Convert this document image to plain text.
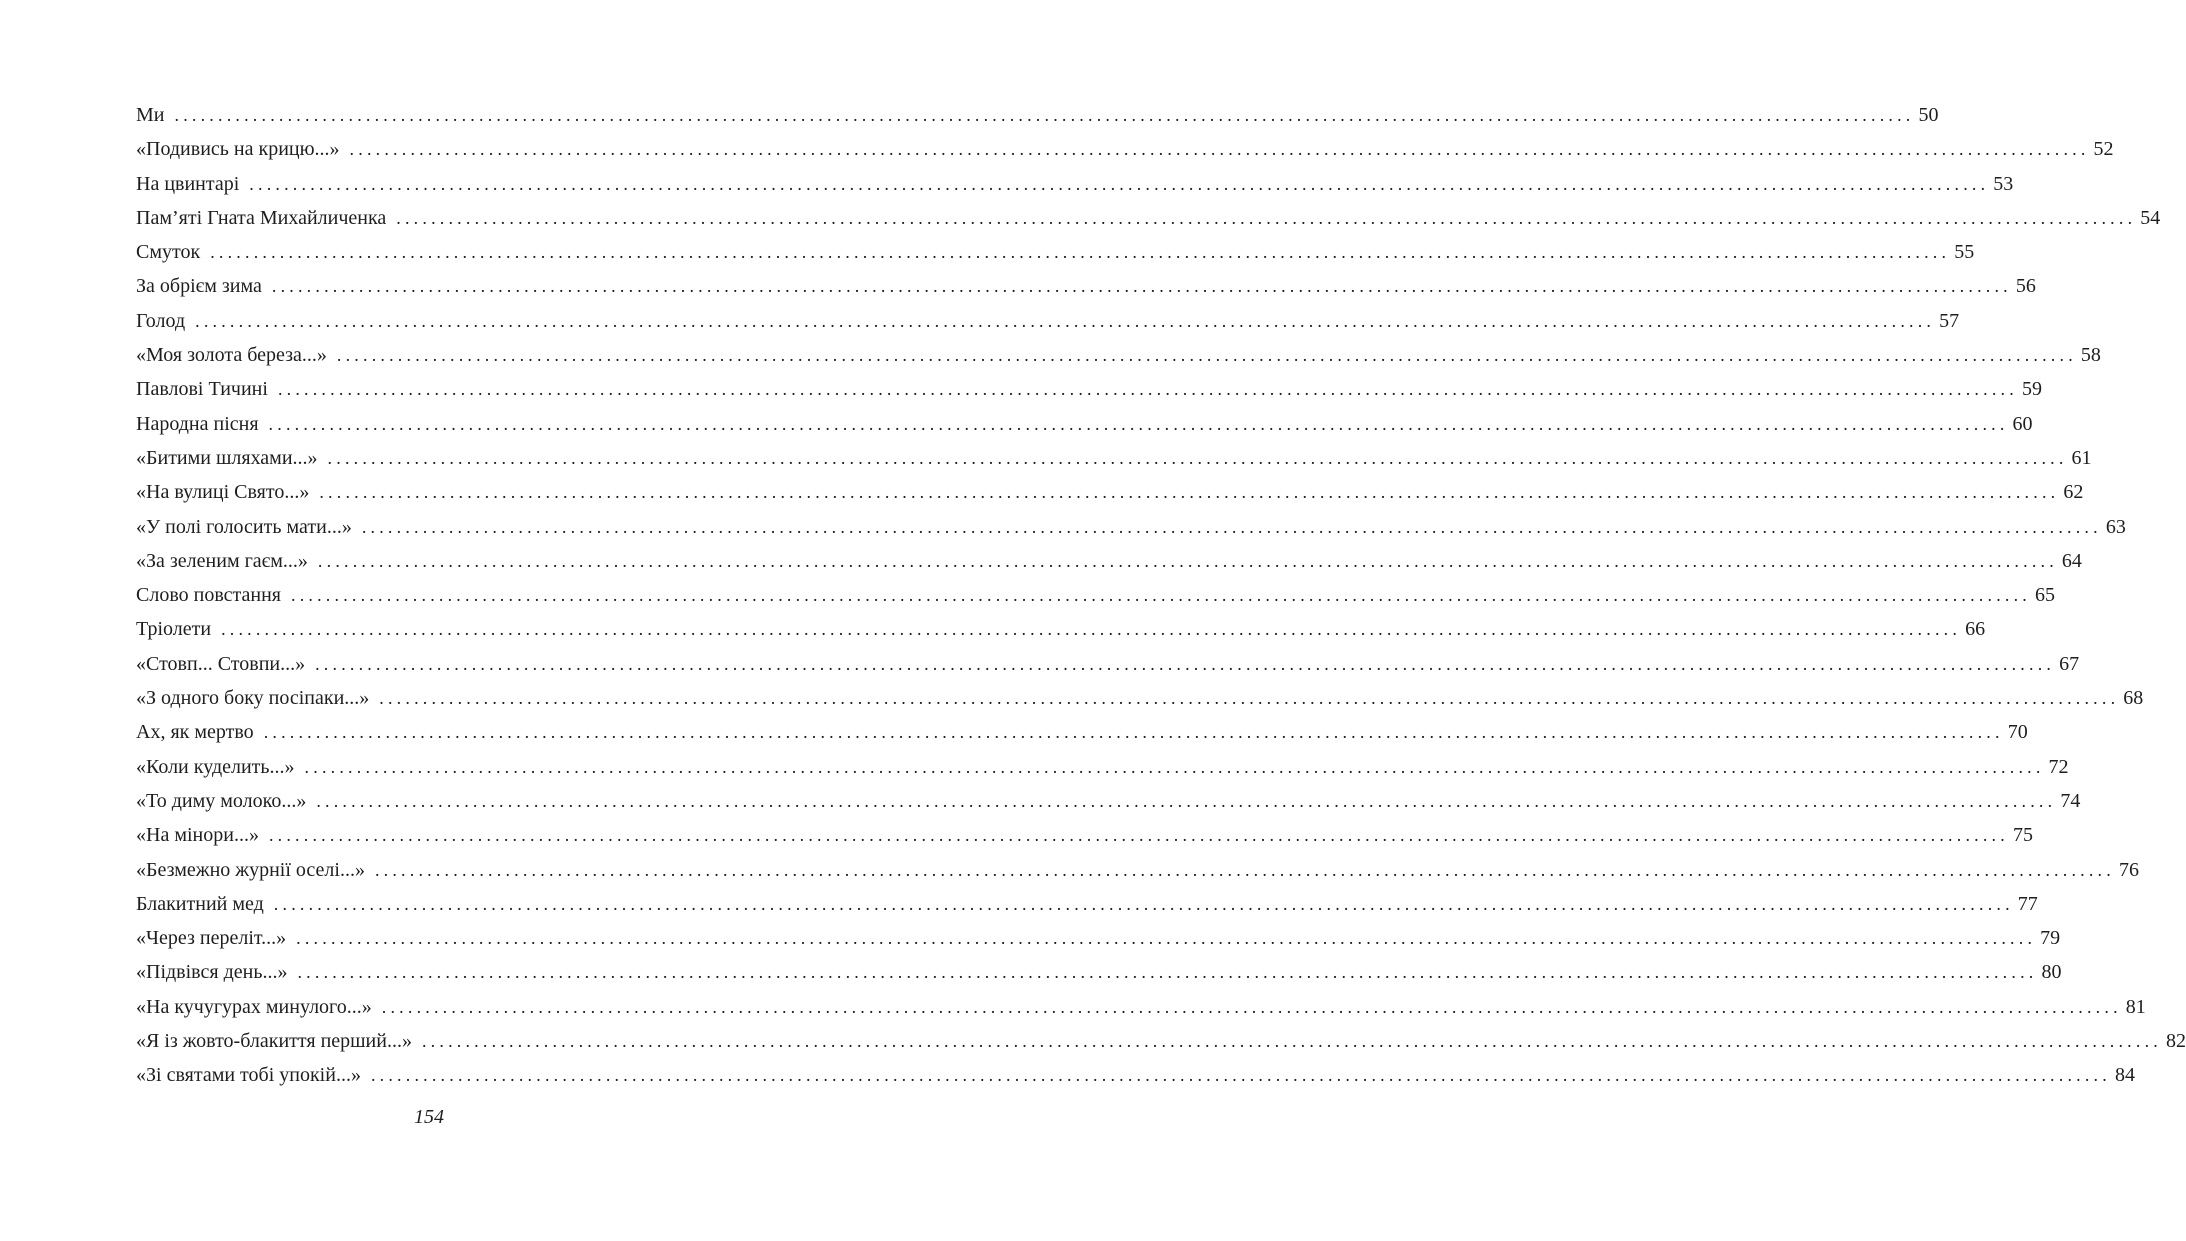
Ми ........................................................................................................................................................................................................ 50
«Подивись на крицю...» ........................................................................................................................................................................................................ 52
На цвинтарі ........................................................................................................................................................................................................ 53
Пам’яті Гната Михайличенка ........................................................................................................................................................................................................ 54
Смуток ........................................................................................................................................................................................................ 55
За обрієм зима ........................................................................................................................................................................................................ 56
Голод ........................................................................................................................................................................................................ 57
«Моя золота береза...» ........................................................................................................................................................................................................ 58
Павлові Тичині ........................................................................................................................................................................................................ 59
Народна пісня ........................................................................................................................................................................................................ 60
«Битими шляхами...» ........................................................................................................................................................................................................ 61
«На вулиці Свято...» ........................................................................................................................................................................................................ 62
«У полі голосить мати...» ........................................................................................................................................................................................................ 63
«За зеленим гаєм...» ........................................................................................................................................................................................................ 64
Слово повстання ........................................................................................................................................................................................................ 65
Тріолети ........................................................................................................................................................................................................ 66
«Стовп... Стовпи...» ........................................................................................................................................................................................................ 67
«З одного боку посіпаки...» ........................................................................................................................................................................................................ 68
Ах, як мертво ........................................................................................................................................................................................................ 70
«Коли куделить...» ........................................................................................................................................................................................................ 72
«То диму молоко...» ........................................................................................................................................................................................................ 74
«На мінори...» ........................................................................................................................................................................................................ 75
«Безмежно журнії оселі...» ........................................................................................................................................................................................................ 76
Блакитний мед ........................................................................................................................................................................................................ 77
«Через переліт...» ........................................................................................................................................................................................................ 79
«Підвівся день...» ........................................................................................................................................................................................................ 80
«На кучугурах минулого...» ........................................................................................................................................................................................................ 81
«Я із жовто-блакиття перший...» ........................................................................................................................................................................................................ 82
«Зі святами тобі упокій...» ........................................................................................................................................................................................................ 84
154
